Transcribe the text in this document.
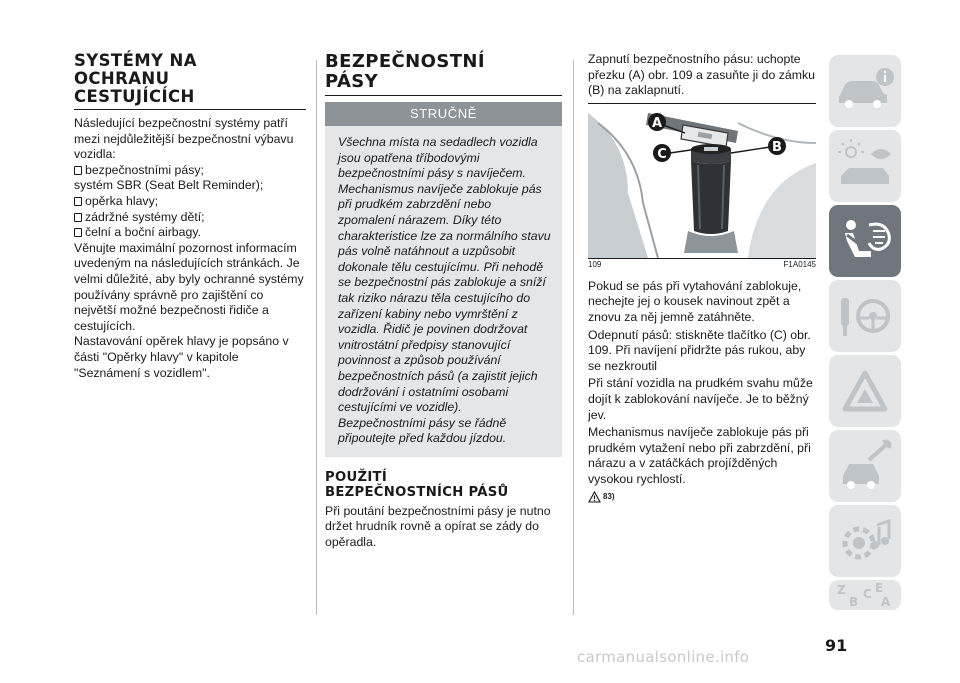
SYSTÉMY NA
OCHRANU
CESTUJÍCÍCH

Následující bezpečnostní systémy patří mezi nejdůležitější bezpečnostní výbavu vozidla:

bezpečnostními pásy;
systém SBR (Seat Belt Reminder);
opěrka hlavy;
zádržné systémy dětí;
čelní a boční airbagy.

Věnujte maximální pozornost informacím uvedeným na následujících stránkách. Je velmi důležité, aby byly ochranné systémy používány správně pro zajištění co největší možné bezpečnosti řidiče a cestujících.

Nastavování opěrek hlavy je popsáno v části "Opěrky hlavy" v kapitole "Seznámení s vozidlem".

BEZPEČNOSTNÍ
PÁSY
STRUČNĚ
Všechna místa na sedadlech vozidla jsou opatřena tříbodovými bezpečnostními pásy s navíječem. Mechanismus navíječe zablokuje pás při prudkém zabrzdění nebo zpomalení nárazem. Díky této charakteristice lze za normálního stavu pás volně natáhnout a uzpůsobit dokonale tělu cestujícímu. Při nehodě se bezpečnostní pás zablokuje a sníží tak riziko nárazu těla cestujícího do zařízení kabiny nebo vymrštění z vozidla. Řidič je povinen dodržovat vnitrostátní předpisy stanovující povinnost a způsob používání bezpečnostních pásů (a zajistit jejich dodržování i ostatními osobami cestujícími ve vozidle). Bezpečnostními pásy se řádně připoutejte před každou jízdou.
POUŽITÍ
BEZPEČNOSTNÍCH PÁSŮ

Při poutání bezpečnostními pásy je nutno držet hrudník rovně a opírat se zády do opěradla.

Zapnutí bezpečnostního pásu: uchopte přezku (A) obr. 109 a zasuňte ji do zámku (B) na zaklapnutí.

A
C	B
109	F1A0145

Pokud se pás při vytahování zablokuje, nechejte jej o kousek navinout zpět a znovu za něj jemně zatáhněte.

Odepnutí pásů: stiskněte tlačítko (C) obr. 109. Při navíjení přidržte pás rukou, aby se nezkroutil

Při stání vozidla na prudkém svahu může dojít k zablokování navíječe. Je to běžný jev.

Mechanismus navíječe zablokuje pás při prudkém vytažení nebo při zabrzdění, při nárazu a v zatáčkách projížděných vysokou rychlostí.

83)
Z E
B A
C
91
carmanualsonline.info
